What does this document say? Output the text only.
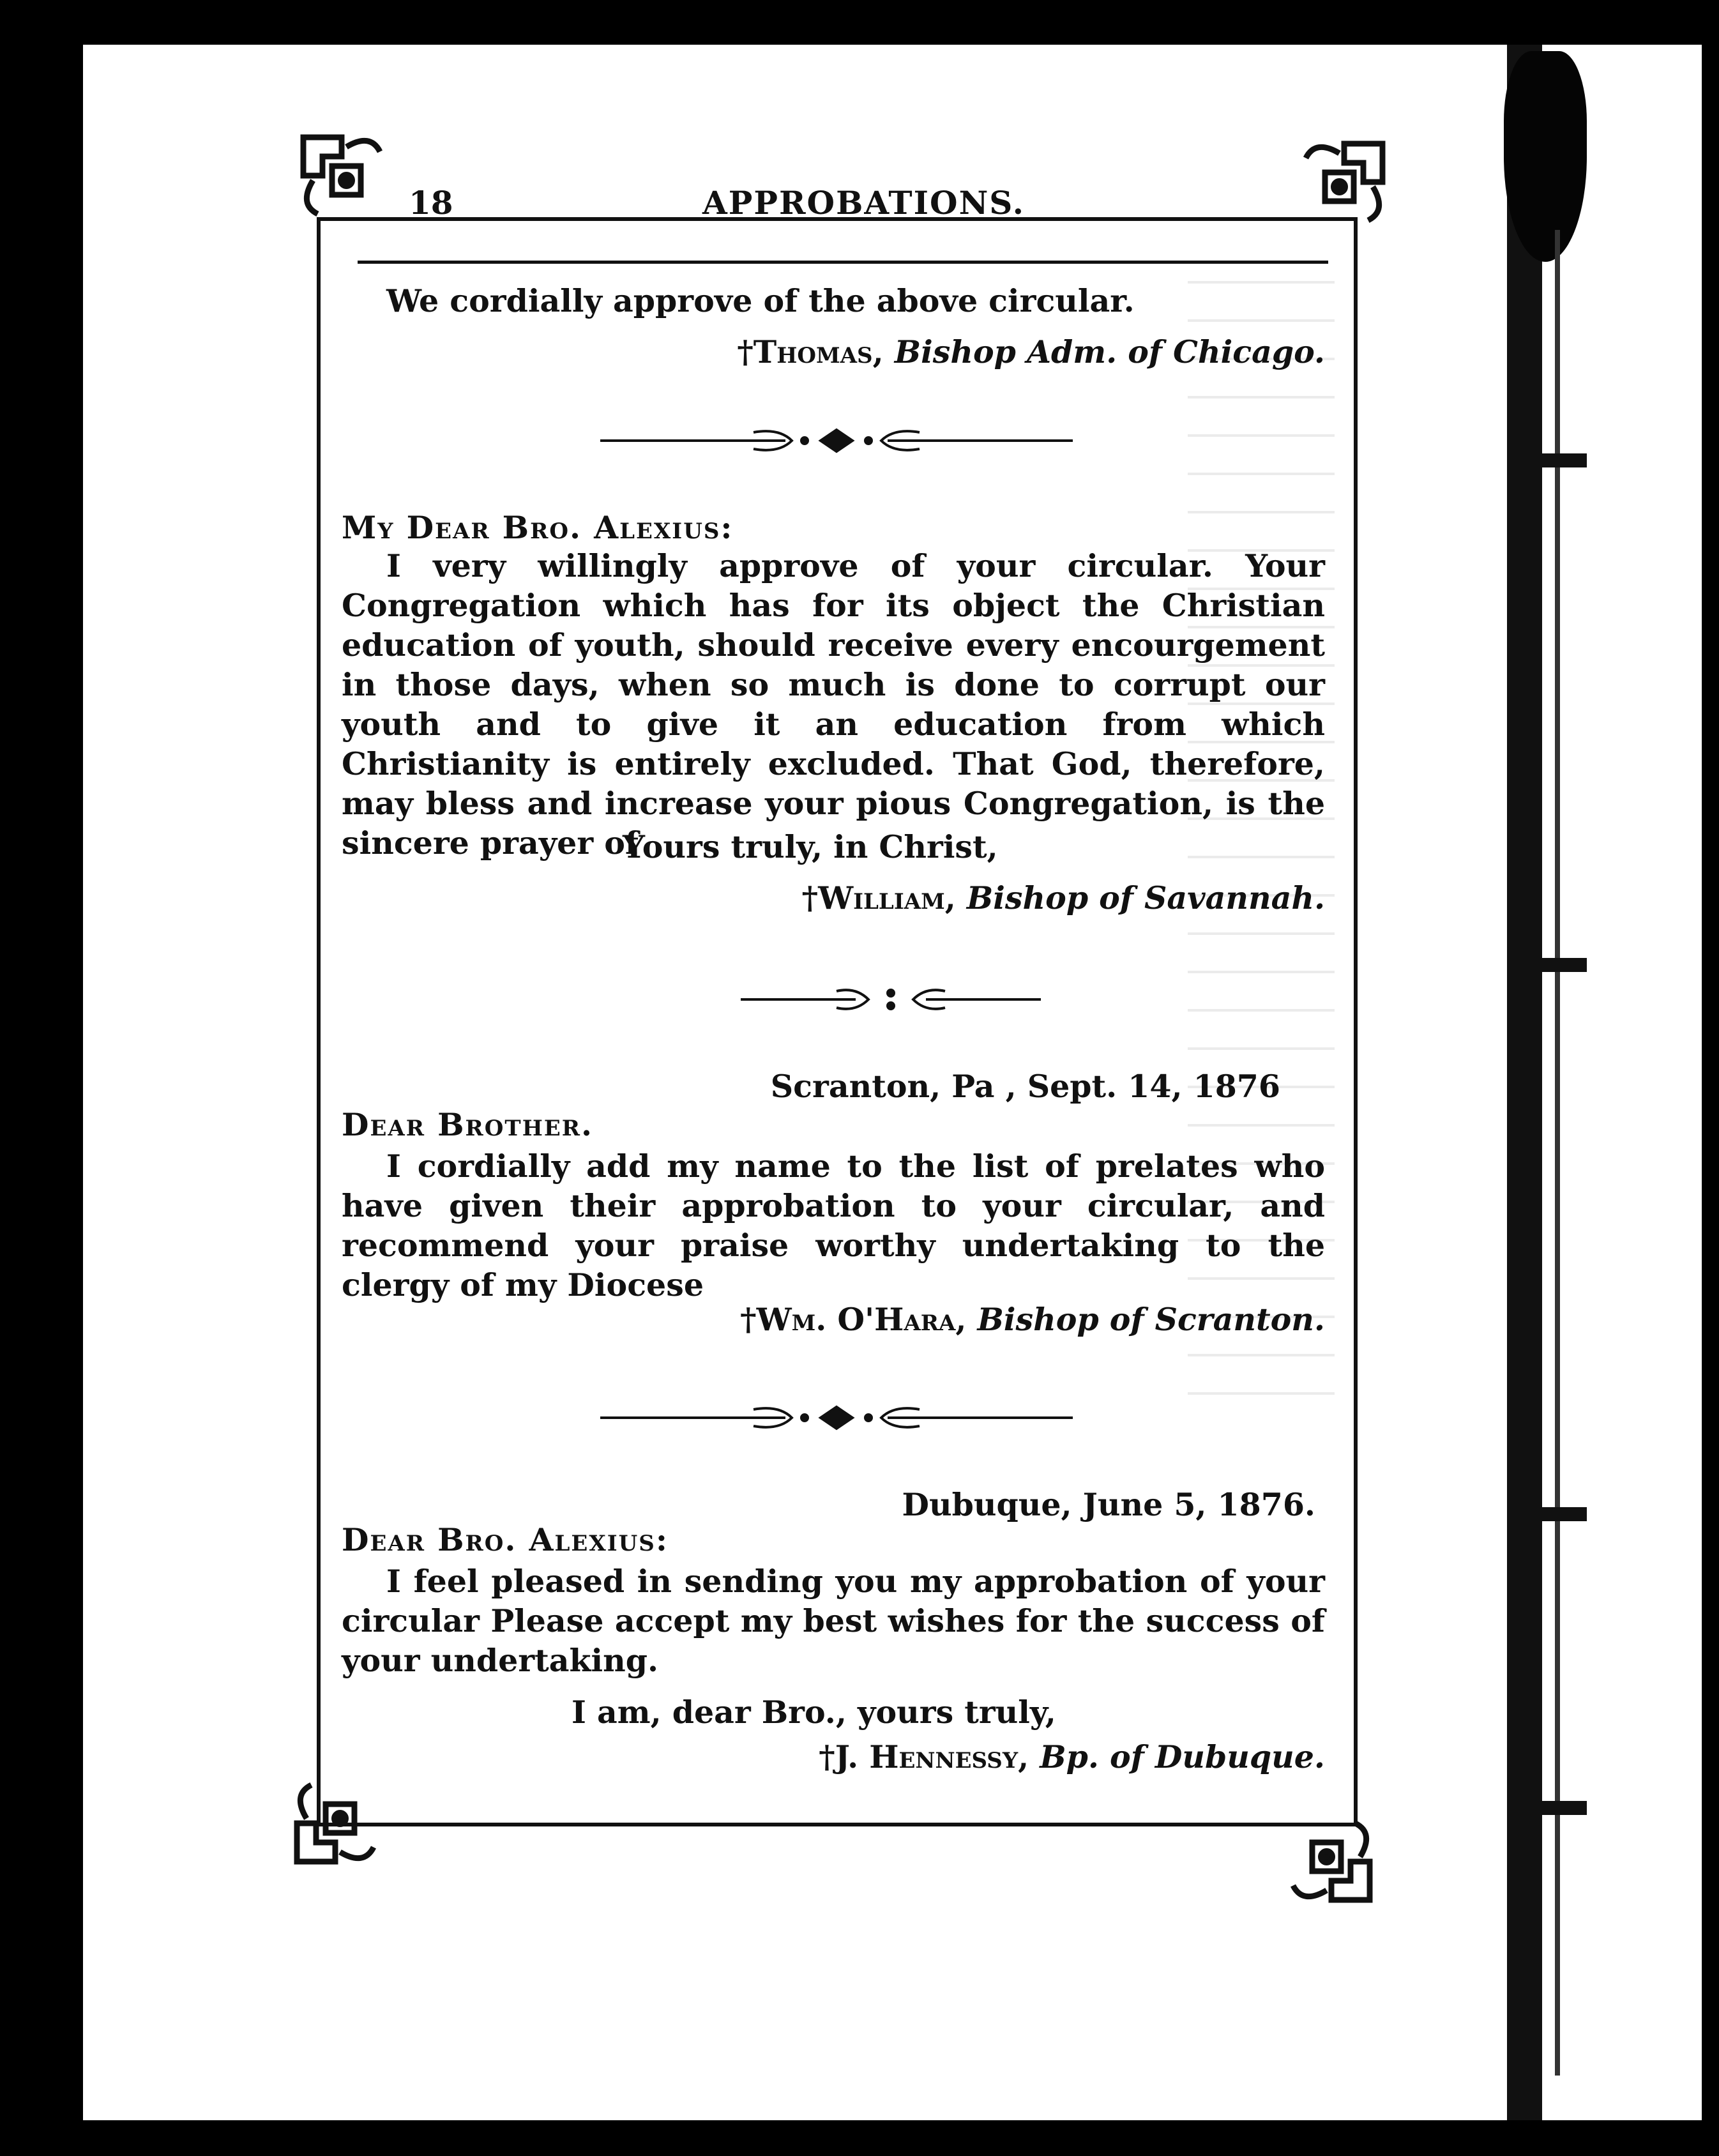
18	APPROBATIONS.
We cordially approve of the above circular.
†Thomas, Bishop Adm. of Chicago.
My Dear Bro. Alexius:
I very willingly approve of your circular. Your Congregation which has for its object the Christian education of youth, should receive every encourgement in those days, when so much is done to corrupt our youth and to give it an education from which Christianity is entirely excluded. That God, therefore, may bless and increase your pious Congregation, is the sincere prayer of
Yours truly, in Christ,
†William, Bishop of Savannah.
Scranton, Pa , Sept. 14, 1876
Dear Brother.
I cordially add my name to the list of prelates who have given their approbation to your circular, and recommend your praise worthy undertaking to the clergy of my Diocese
†Wm. O'Hara, Bishop of Scranton.
Dubuque, June 5, 1876.
Dear Bro. Alexius:
I feel pleased in sending you my approbation of your circular Please accept my best wishes for the success of your undertaking.
I am, dear Bro., yours truly,
†J. Hennessy, Bp. of Dubuque.
